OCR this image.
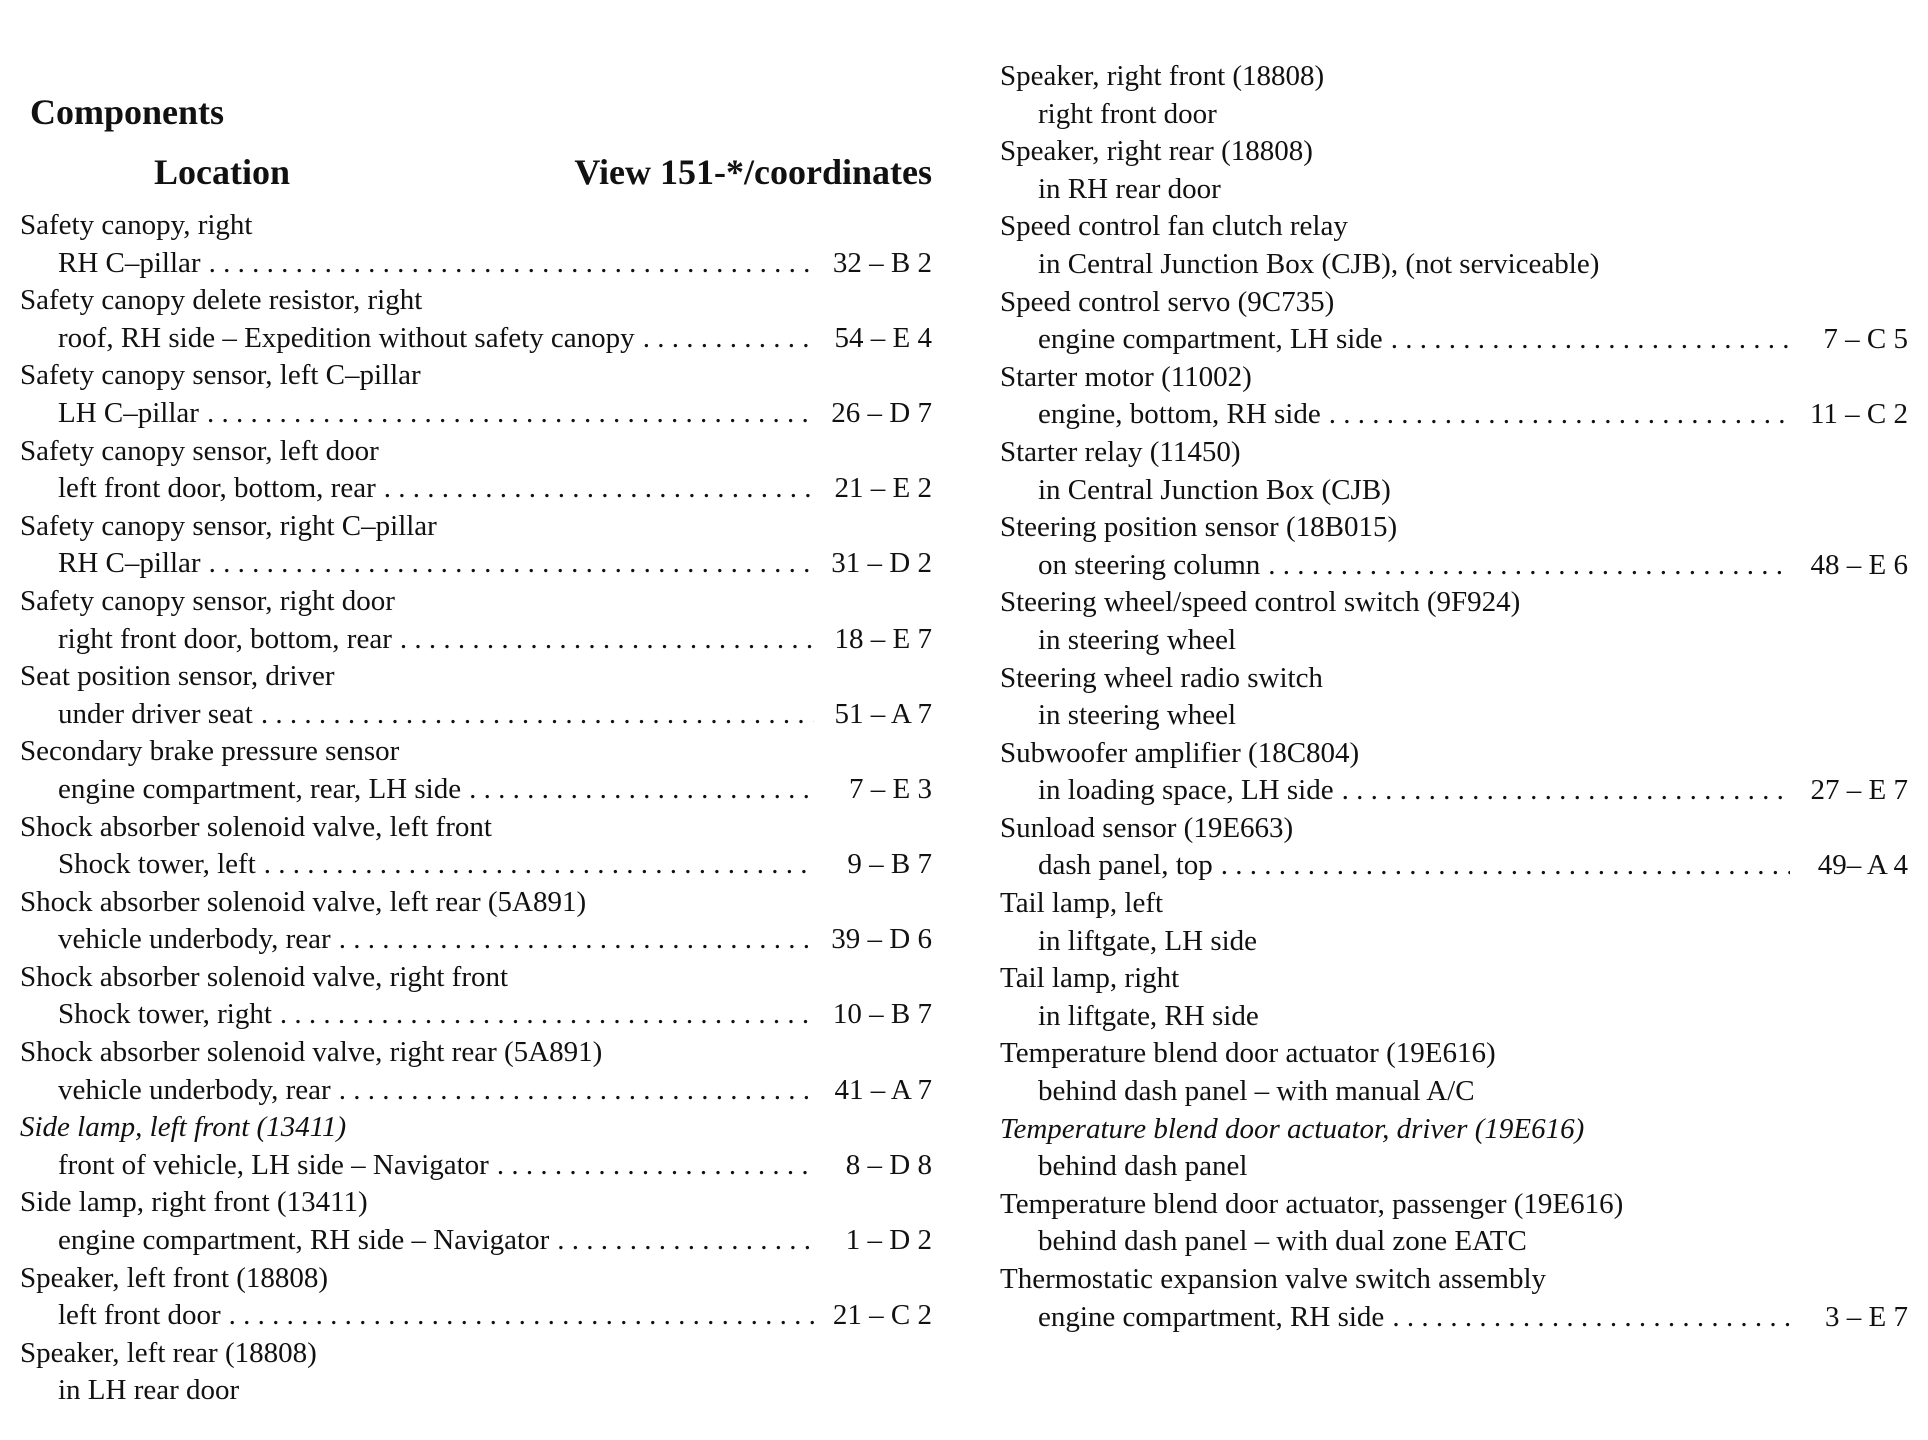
Components
Location	View 151-*/coordinates
Safety canopy, right
RH C–pillar . . .	32 – B 2
Safety canopy delete resistor, right
roof, RH side – Expedition without safety canopy . . .	54 – E 4
Safety canopy sensor, left C–pillar
LH C–pillar . . .	26 – D 7
Safety canopy sensor, left door
left front door, bottom, rear . . .	21 – E 2
Safety canopy sensor, right C–pillar
RH C–pillar . . .	31 – D 2
Safety canopy sensor, right door
right front door, bottom, rear . . .	18 – E 7
Seat position sensor, driver
under driver seat . . .	51 – A 7
Secondary brake pressure sensor
engine compartment, rear, LH side . . .	7 – E 3
Shock absorber solenoid valve, left front
Shock tower, left . . .	9 – B 7
Shock absorber solenoid valve, left rear (5A891)
vehicle underbody, rear . . .	39 – D 6
Shock absorber solenoid valve, right front
Shock tower, right . . .	10 – B 7
Shock absorber solenoid valve, right rear (5A891)
vehicle underbody, rear . . .	41 – A 7
Side lamp, left front (13411)
front of vehicle, LH side – Navigator . . .	8 – D 8
Side lamp, right front (13411)
engine compartment, RH side – Navigator . . .	1 – D 2
Speaker, left front (18808)
left front door . . .	21 – C 2
Speaker, left rear (18808)
in LH rear door
Speaker, right front (18808)
right front door
Speaker, right rear (18808)
in RH rear door
Speed control fan clutch relay
in Central Junction Box (CJB), (not serviceable)
Speed control servo (9C735)
engine compartment, LH side . . .	7 – C 5
Starter motor (11002)
engine, bottom, RH side . . .	11 – C 2
Starter relay (11450)
in Central Junction Box (CJB)
Steering position sensor (18B015)
on steering column . . .	48 – E 6
Steering wheel/speed control switch (9F924)
in steering wheel
Steering wheel radio switch
in steering wheel
Subwoofer amplifier (18C804)
in loading space, LH side . . .	27 – E 7
Sunload sensor (19E663)
dash panel, top . . .	49– A 4
Tail lamp, left
in liftgate, LH side
Tail lamp, right
in liftgate, RH side
Temperature blend door actuator (19E616)
behind dash panel – with manual A/C
Temperature blend door actuator, driver (19E616)
behind dash panel
Temperature blend door actuator, passenger (19E616)
behind dash panel – with dual zone EATC
Thermostatic expansion valve switch assembly
engine compartment, RH side . . .	3 – E 7
